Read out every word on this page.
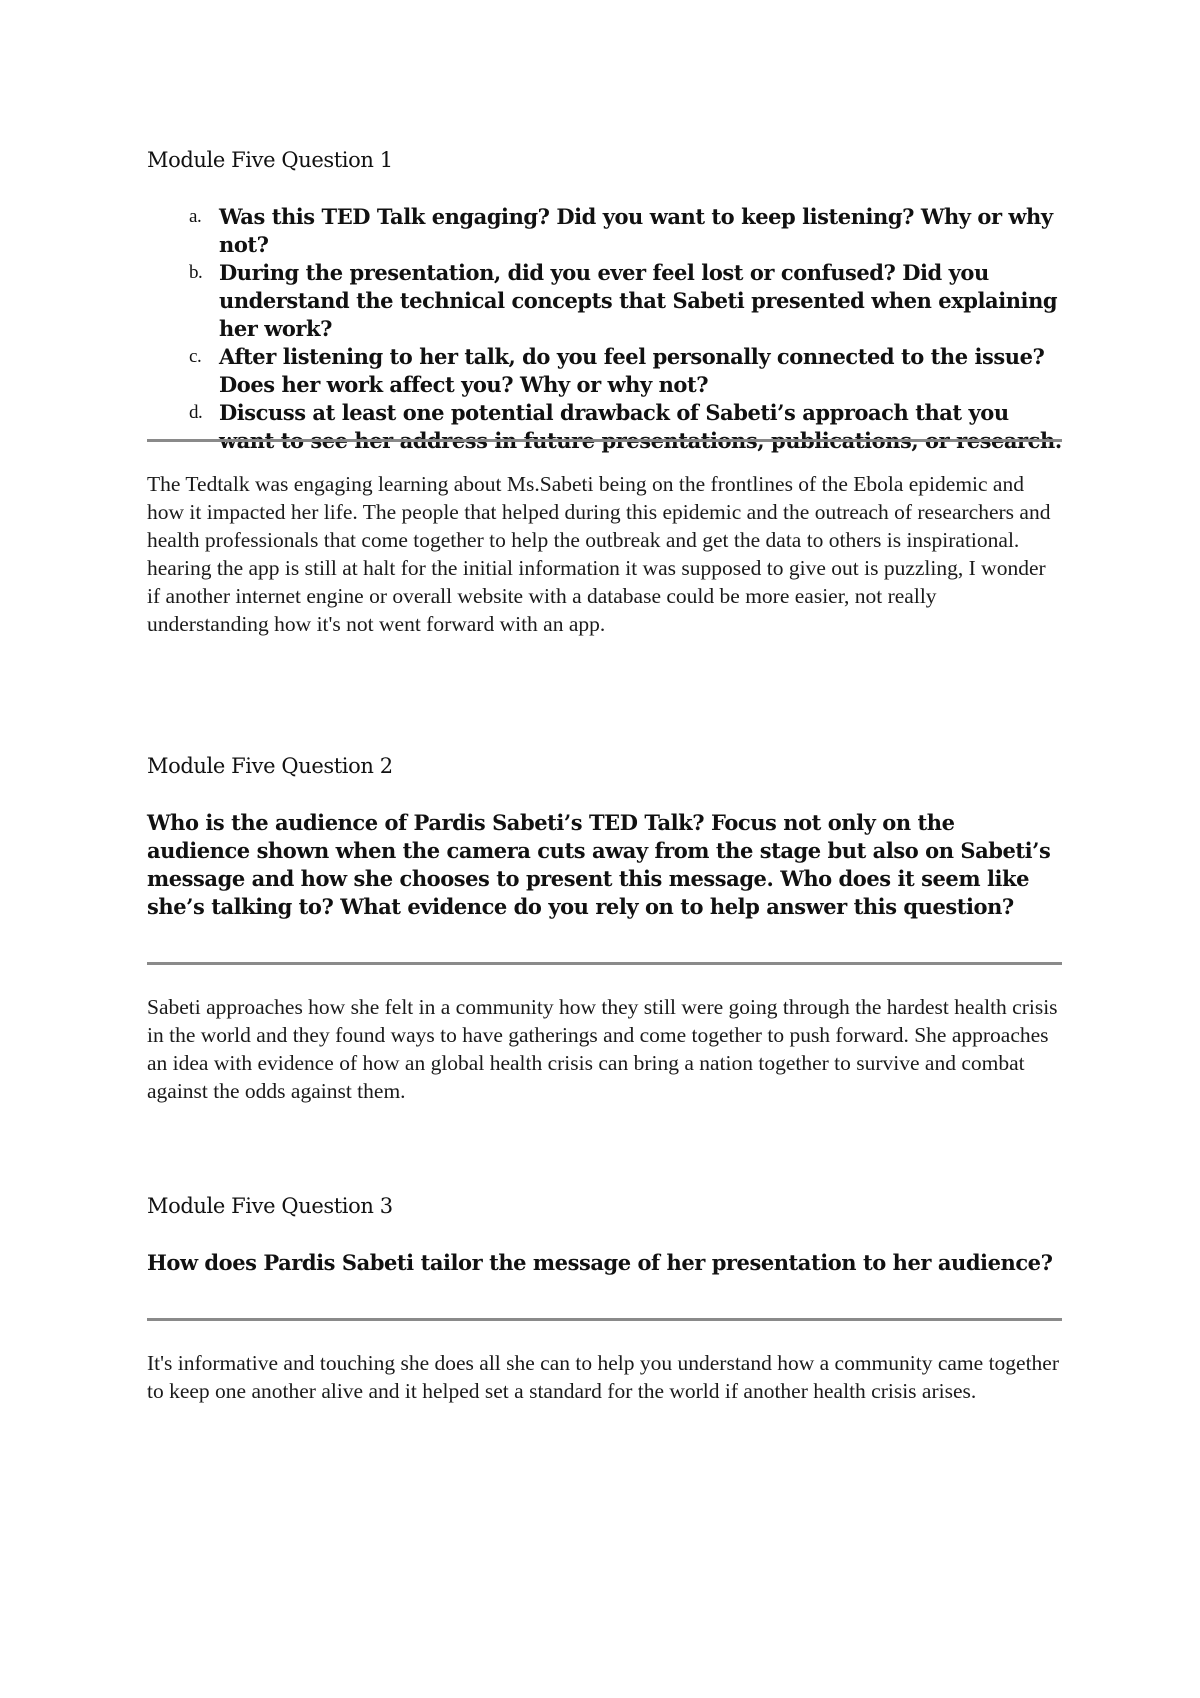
Module Five Question 1
a. Was this TED Talk engaging? Did you want to keep listening? Why or why not?
b. During the presentation, did you ever feel lost or confused? Did you understand the technical concepts that Sabeti presented when explaining her work?
c. After listening to her talk, do you feel personally connected to the issue? Does her work affect you? Why or why not?
d. Discuss at least one potential drawback of Sabeti’s approach that you want to see her address in future presentations, publications, or research.

The Tedtalk was engaging learning about Ms.Sabeti being on the frontlines of the Ebola epidemic and how it impacted her life. The people that helped during this epidemic and the outreach of researchers and health professionals that come together to help the outbreak and get the data to others is inspirational. hearing the app is still at halt for the initial information it was supposed to give out is puzzling, I wonder if another internet engine or overall website with a database could be more easier, not really understanding how it's not went forward with an app.

Module Five Question 2

Who is the audience of Pardis Sabeti’s TED Talk? Focus not only on the audience shown when the camera cuts away from the stage but also on Sabeti’s message and how she chooses to present this message. Who does it seem like she’s talking to? What evidence do you rely on to help answer this question?

Sabeti approaches how she felt in a community how they still were going through the hardest health crisis in the world and they found ways to have gatherings and come together to push forward. She approaches an idea with evidence of how an global health crisis can bring a nation together to survive and combat against the odds against them.

Module Five Question 3

How does Pardis Sabeti tailor the message of her presentation to her audience?

It's informative and touching she does all she can to help you understand how a community came together to keep one another alive and it helped set a standard for the world if another health crisis arises.
